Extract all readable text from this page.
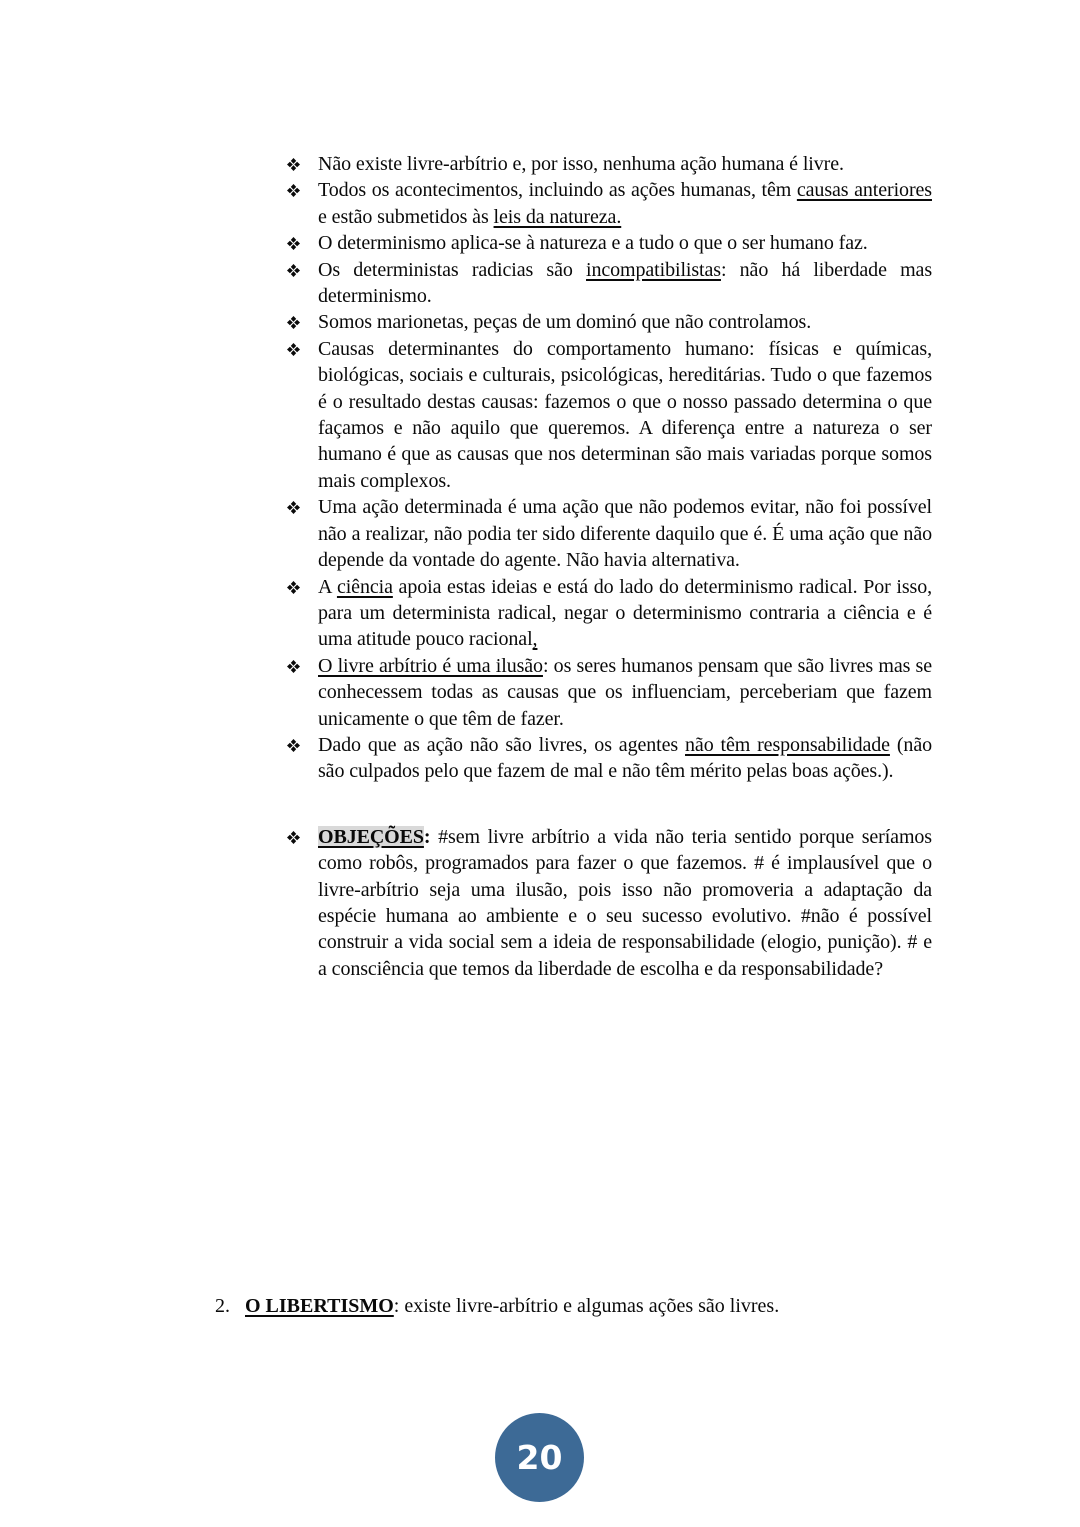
Não existe livre-arbítrio e, por isso, nenhuma ação humana é livre.
Todos os acontecimentos, incluindo as ações humanas, têm causas anteriores e estão submetidos às leis da natureza.
O determinismo aplica-se à natureza e a tudo o que o ser humano faz.
Os deterministas radicias são incompatibilistas: não há liberdade mas determinismo.
Somos marionetas, peças de um dominó que não controlamos.
Causas determinantes do comportamento humano: físicas e químicas, biológicas, sociais e culturais, psicológicas, hereditárias. Tudo o que fazemos é o resultado destas causas: fazemos o que o nosso passado determina o que façamos e não aquilo que queremos. A diferença entre a natureza o ser humano é que as causas que nos determinan são mais variadas porque somos mais complexos.
Uma ação determinada é uma ação que não podemos evitar, não foi possível não a realizar, não podia ter sido diferente daquilo que é. É uma ação que não depende da vontade do agente. Não havia alternativa.
A ciência apoia estas ideias e está do lado do determinismo radical. Por isso, para um determinista radical, negar o determinismo contraria a ciência e é uma atitude pouco racional,
O livre arbítrio é uma ilusão: os seres humanos pensam que são livres mas se conhecessem todas as causas que os influenciam, perceberiam que fazem unicamente o que têm de fazer.
Dado que as ação não são livres, os agentes não têm responsabilidade (não são culpados pelo que fazem de mal e não têm mérito pelas boas ações.).
OBJEÇÕES: #sem livre arbítrio a vida não teria sentido porque seríamos como robôs, programados para fazer o que fazemos. # é implausível que o livre-arbítrio seja uma ilusão, pois isso não promoveria a adaptação da espécie humana ao ambiente e o seu sucesso evolutivo. #não é possível construir a vida social sem a ideia de responsabilidade (elogio, punição). # e a consciência que temos da liberdade de escolha e da responsabilidade?
2. O LIBERTISMO: existe livre-arbítrio e algumas ações são livres.
20
